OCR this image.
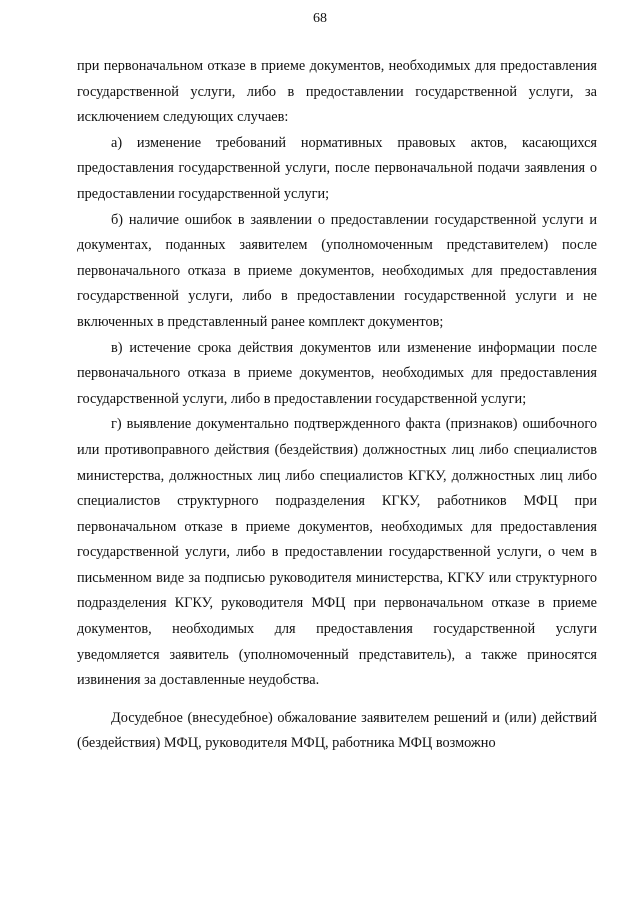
68

при первоначальном отказе в приеме документов, необходимых для предоставления государственной услуги, либо в предоставлении государственной услуги, за исключением следующих случаев:

а) изменение требований нормативных правовых актов, касающихся предоставления государственной услуги, после первоначальной подачи заявления о предоставлении государственной услуги;

б) наличие ошибок в заявлении о предоставлении государственной услуги и документах, поданных заявителем (уполномоченным представителем) после первоначального отказа в приеме документов, необходимых для предоставления государственной услуги, либо в предоставлении государственной услуги и не включенных в представленный ранее комплект документов;

в) истечение срока действия документов или изменение информации после первоначального отказа в приеме документов, необходимых для предоставления государственной услуги, либо в предоставлении государственной услуги;

г) выявление документально подтвержденного факта (признаков) ошибочного или противоправного действия (бездействия) должностных лиц либо специалистов министерства, должностных лиц либо специалистов КГКУ, должностных лиц либо специалистов структурного подразделения КГКУ, работников МФЦ при первоначальном отказе в приеме документов, необходимых для предоставления государственной услуги, либо в предоставлении государственной услуги, о чем в письменном виде за подписью руководителя министерства, КГКУ или структурного подразделения КГКУ, руководителя МФЦ при первоначальном отказе в приеме документов, необходимых для предоставления государственной услуги уведомляется заявитель (уполномоченный представитель), а также приносятся извинения за доставленные неудобства.

Досудебное (внесудебное) обжалование заявителем решений и (или) действий (бездействия) МФЦ, руководителя МФЦ, работника МФЦ возможно
